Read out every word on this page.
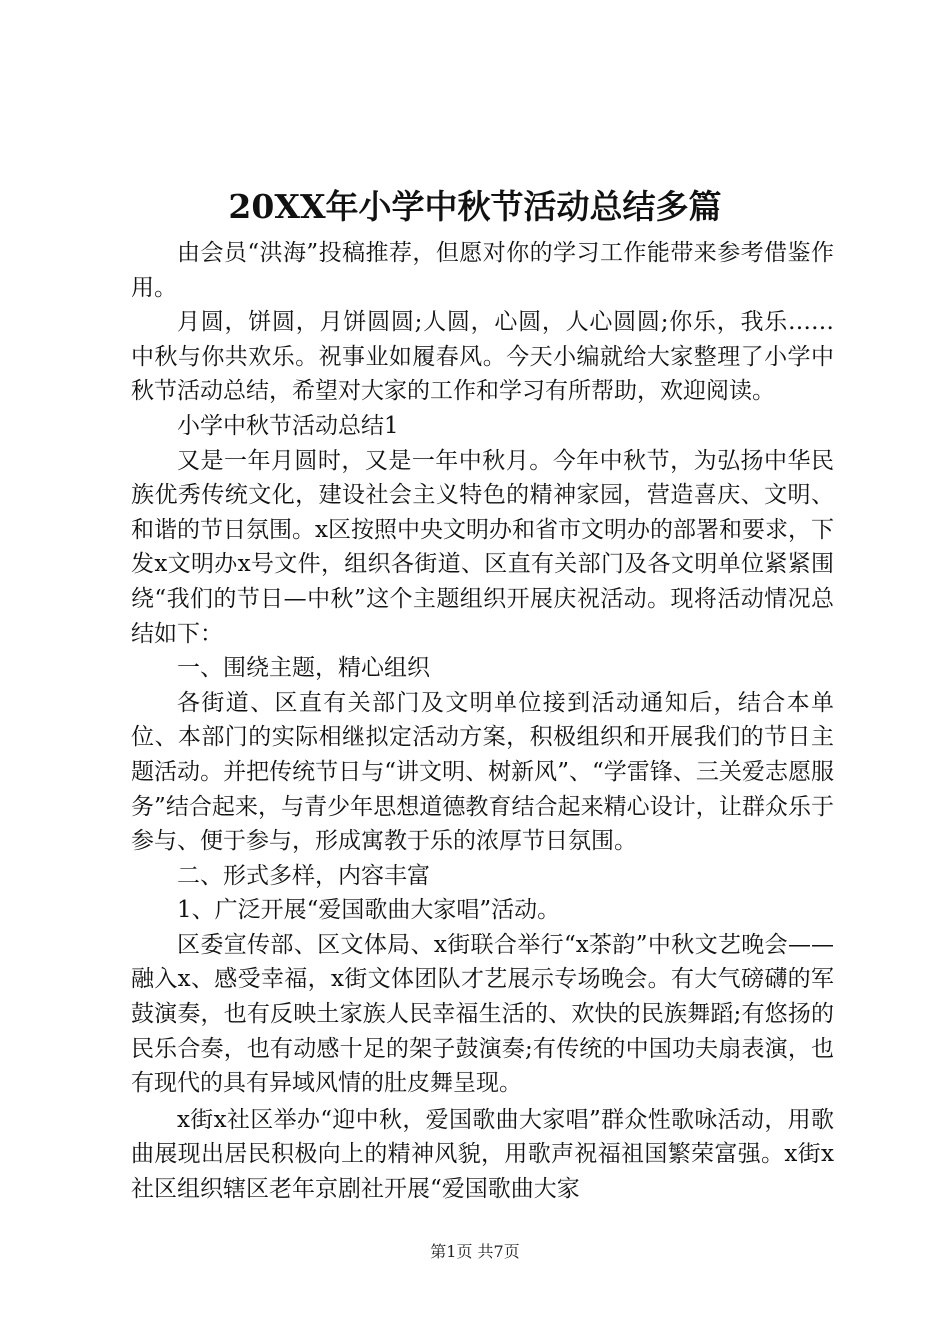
20XX年小学中秋节活动总结多篇

由会员“洪海”投稿推荐，但愿对你的学习工作能带来参考借鉴作用。

月圆，饼圆，月饼圆圆;人圆，心圆，人心圆圆;你乐，我乐……中秋与你共欢乐。祝事业如履春风。今天小编就给大家整理了小学中秋节活动总结，希望对大家的工作和学习有所帮助，欢迎阅读。

小学中秋节活动总结1

又是一年月圆时，又是一年中秋月。今年中秋节，为弘扬中华民族优秀传统文化，建设社会主义特色的精神家园，营造喜庆、文明、和谐的节日氛围。x区按照中央文明办和省市文明办的部署和要求，下发x文明办x号文件，组织各街道、区直有关部门及各文明单位紧紧围绕“我们的节日—中秋”这个主题组织开展庆祝活动。现将活动情况总结如下：

一、围绕主题，精心组织

各街道、区直有关部门及文明单位接到活动通知后，结合本单位、本部门的实际相继拟定活动方案，积极组织和开展我们的节日主题活动。并把传统节日与“讲文明、树新风”、“学雷锋、三关爱志愿服务”结合起来，与青少年思想道德教育结合起来精心设计，让群众乐于参与、便于参与，形成寓教于乐的浓厚节日氛围。

二、形式多样，内容丰富

1、广泛开展“爱国歌曲大家唱”活动。

区委宣传部、区文体局、x街联合举行“x茶韵”中秋文艺晚会——融入x、感受幸福，x街文体团队才艺展示专场晚会。有大气磅礴的军鼓演奏，也有反映土家族人民幸福生活的、欢快的民族舞蹈;有悠扬的民乐合奏，也有动感十足的架子鼓演奏;有传统的中国功夫扇表演，也有现代的具有异域风情的肚皮舞呈现。

x街x社区举办“迎中秋，爱国歌曲大家唱”群众性歌咏活动，用歌曲展现出居民积极向上的精神风貌，用歌声祝福祖国繁荣富强。x街x社区组织辖区老年京剧社开展“爱国歌曲大家

第1页 共7页
